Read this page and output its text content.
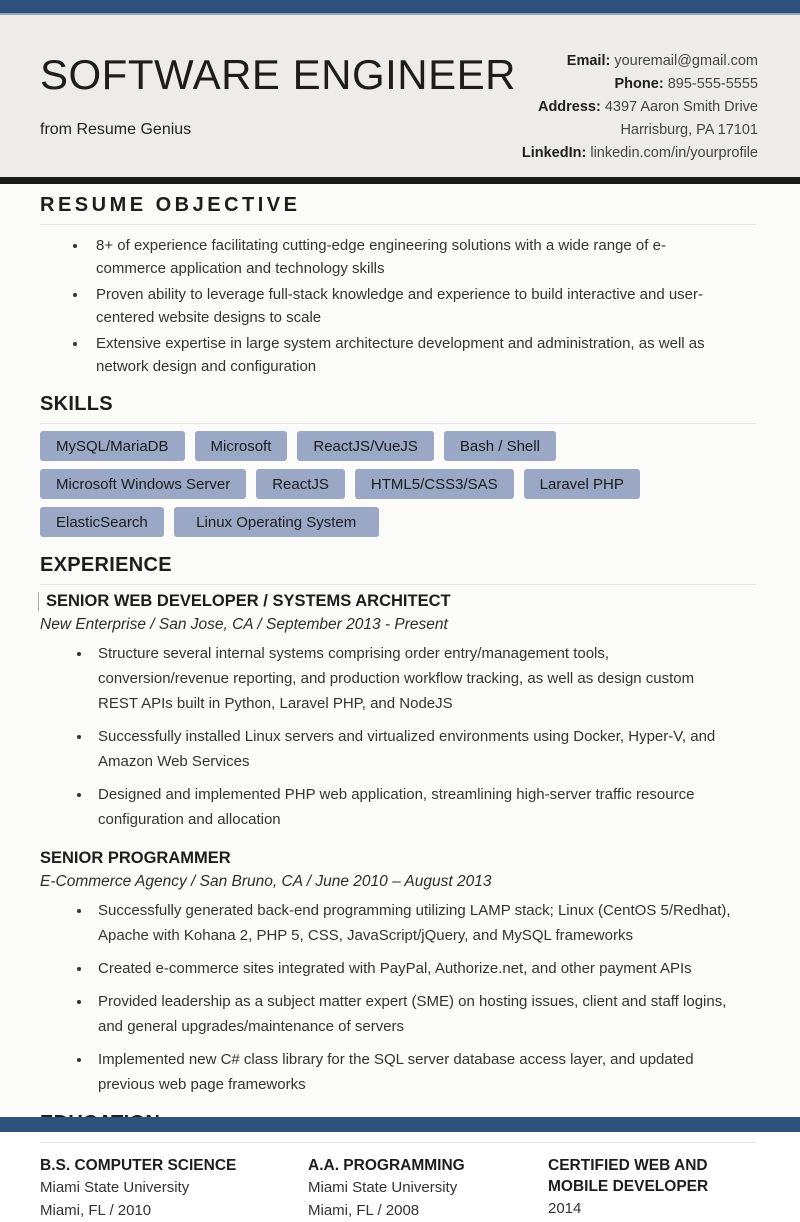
SOFTWARE ENGINEER
from Resume Genius
Email: youremail@gmail.com
Phone: 895-555-5555
Address: 4397 Aaron Smith Drive
Harrisburg, PA 17101
LinkedIn: linkedin.com/in/yourprofile
RESUME OBJECTIVE
• 8+ of experience facilitating cutting-edge engineering solutions with a wide range of e-commerce application and technology skills
• Proven ability to leverage full-stack knowledge and experience to build interactive and user-centered website designs to scale
• Extensive expertise in large system architecture development and administration, as well as network design and configuration
SKILLS
MySQL/MariaDB	Microsoft	ReactJS/VueJS	Bash / Shell
Microsoft Windows Server	ReactJS	HTML5/CSS3/SAS	Laravel PHP
ElasticSearch	Linux Operating System
EXPERIENCE
SENIOR WEB DEVELOPER / SYSTEMS ARCHITECT
New Enterprise / San Jose, CA / September 2013 - Present
• Structure several internal systems comprising order entry/management tools, conversion/revenue reporting, and production workflow tracking, as well as design custom REST APIs built in Python, Laravel PHP, and NodeJS
• Successfully installed Linux servers and virtualized environments using Docker, Hyper-V, and Amazon Web Services
• Designed and implemented PHP web application, streamlining high-server traffic resource configuration and allocation
SENIOR PROGRAMMER
E-Commerce Agency / San Bruno, CA / June 2010 – August 2013
• Successfully generated back-end programming utilizing LAMP stack; Linux (CentOS 5/Redhat), Apache with Kohana 2, PHP 5, CSS, JavaScript/jQuery, and MySQL frameworks
• Created e-commerce sites integrated with PayPal, Authorize.net, and other payment APIs
• Provided leadership as a subject matter expert (SME) on hosting issues, client and staff logins, and general upgrades/maintenance of servers
• Implemented new C# class library for the SQL server database access layer, and updated previous web page frameworks
B.S. COMPUTER SCIENCE
Miami State University
Miami, FL / 2010
A.A. PROGRAMMING
Miami State University
Miami, FL / 2008
CERTIFIED WEB AND MOBILE DEVELOPER
2014
